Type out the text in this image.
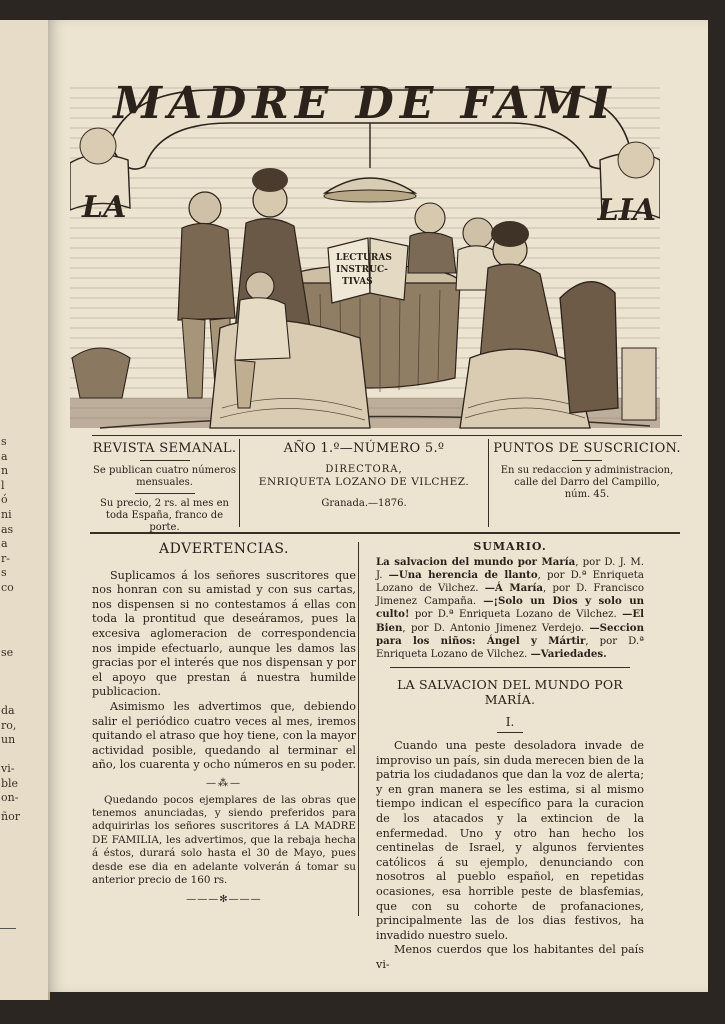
s
a
n
l
ó
ni
as
a
r-
s
co
se
da
ro,
un
vi-
ble
on-
ñor
LECTURAS
INSTRUC-
TIVAS
MADRE DE FAMI
LA	LIA
REVISTA SEMANAL.
Se publican cuatro números mensuales.
Su precio, 2 rs. al mes en toda España, franco de porte.
AÑO 1.º—NÚMERO 5.º
DIRECTORA,
ENRIQUETA LOZANO DE VILCHEZ.
Granada.—1876.
PUNTOS DE SUSCRICION.
En su redaccion y administracion, calle del Darro del Campillo, núm. 45.
ADVERTENCIAS.

Suplicamos á los señores suscritores que nos honran con su amistad y con sus cartas, nos dispensen si no contestamos á ellas con toda la prontitud que deseáramos, pues la excesiva aglomeracion de correspondencia nos impide efectuarlo, aunque les damos las gracias por el interés que nos dispensan y por el apoyo que prestan á nuestra humilde publicacion.

Asimismo les advertimos que, debiendo salir el periódico cuatro veces al mes, iremos quitando el atraso que hoy tiene, con la mayor actividad posible, quedando al terminar el año, los cuarenta y ocho números en su poder.

—⁂—

Quedando pocos ejemplares de las obras que tenemos anunciadas, y siendo preferidos para adquirirlas los señores suscritores á LA MADRE DE FAMILIA, les advertimos, que la rebaja hecha á éstos, durará solo hasta el 30 de Mayo, pues desde ese dia en adelante volverán á tomar su anterior precio de 160 rs.

———✻———
SUMARIO.

La salvacion del mundo por María, por D. J. M. J. —Una herencia de llanto, por D.ª Enriqueta Lozano de Vilchez. —Á María, por D. Francisco Jimenez Campaña. —¡Solo un Dios y solo un culto! por D.ª Enriqueta Lozano de Vilchez. —El Bien, por D. Antonio Jimenez Verdejo. —Seccion para los niños: Ángel y Mártir, por D.ª Enriqueta Lozano de Vilchez. —Variedades.

LA SALVACION DEL MUNDO POR MARÍA.
I.

Cuando una peste desoladora invade de improviso un país, sin duda merecen bien de la patria los ciudadanos que dan la voz de alerta; y en gran manera se les estima, si al mismo tiempo indican el específico para la curacion de los atacados y la extincion de la enfermedad. Uno y otro han hecho los centinelas de Israel, y algunos fervientes católicos á su ejemplo, denunciando con nosotros al pueblo español, en repetidas ocasiones, esa horrible peste de blasfemias, que con su cohorte de profanaciones, principalmente las de los dias festivos, ha invadido nuestro suelo.

Menos cuerdos que los habitantes del país vi-
